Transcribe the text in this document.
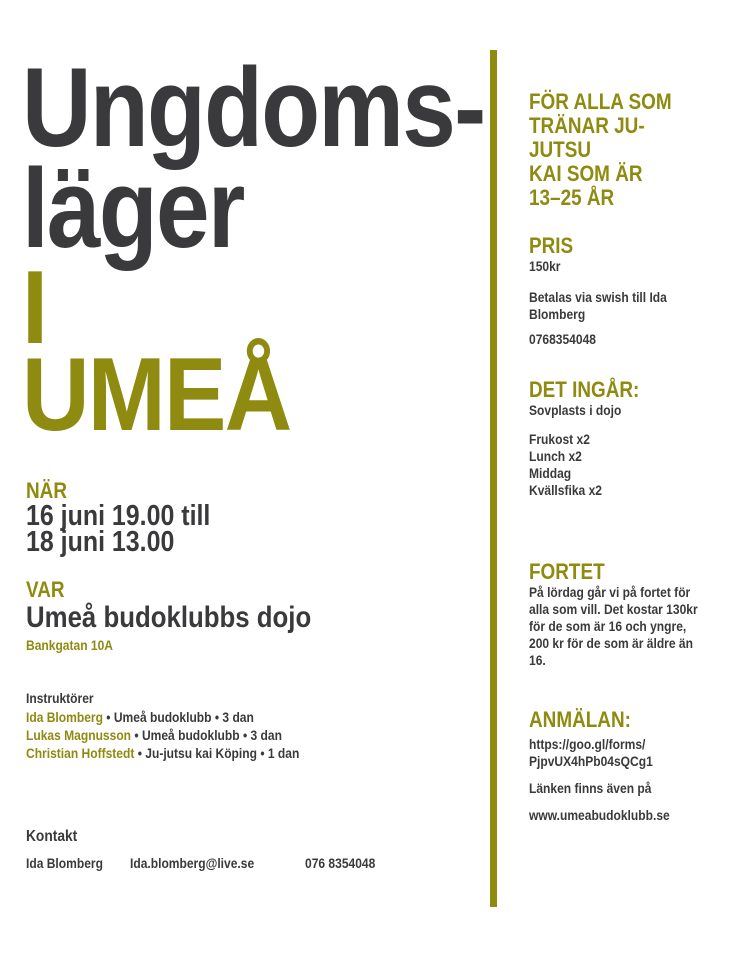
Ungdoms-
läger
I
UMEÅ
NÄR
16 juni 19.00 till
18 juni 13.00
VAR
Umeå budoklubbs dojo
Bankgatan 10A
Instruktörer
Ida Blomberg • Umeå budoklubb • 3 dan
Lukas Magnusson • Umeå budoklubb • 3 dan
Christian Hoffstedt • Ju-jutsu kai Köping • 1 dan
Kontakt
Ida Blomberg Ida.blomberg@live.se	076 8354048

FÖR ALLA SOM

TRÄNAR JU-JUTSU

KAI SOM ÄR

13–25 ÅR

PRIS

150kr

Betalas via swish till Ida

Blomberg

0768354048

DET INGÅR:

Sovplasts i dojo

Frukost x2

Lunch x2

Middag

Kvällsfika x2

FORTET

På lördag går vi på fortet för

alla som vill. Det kostar 130kr

för de som är 16 och yngre,

200 kr för de som är äldre än

16.

ANMÄLAN:

https://goo.gl/forms/

PjpvUX4hPb04sQCg1

Länken finns även på

www.umeabudoklubb.se
